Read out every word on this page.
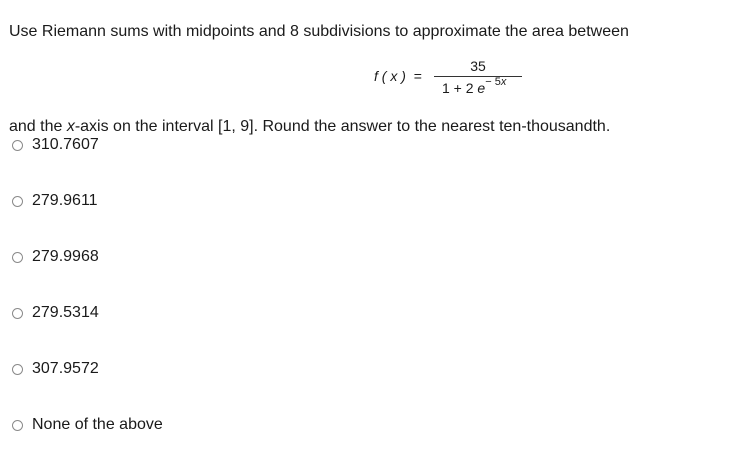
Use Riemann sums with midpoints and 8 subdivisions to approximate the area between
f ( x ) =
35
1 + 2 $e^{- 5x}$
and the x-axis on the interval [1, 9]. Round the answer to the nearest ten-thousandth.
310.7607
279.9611
279.9968
279.5314
307.9572
None of the above
